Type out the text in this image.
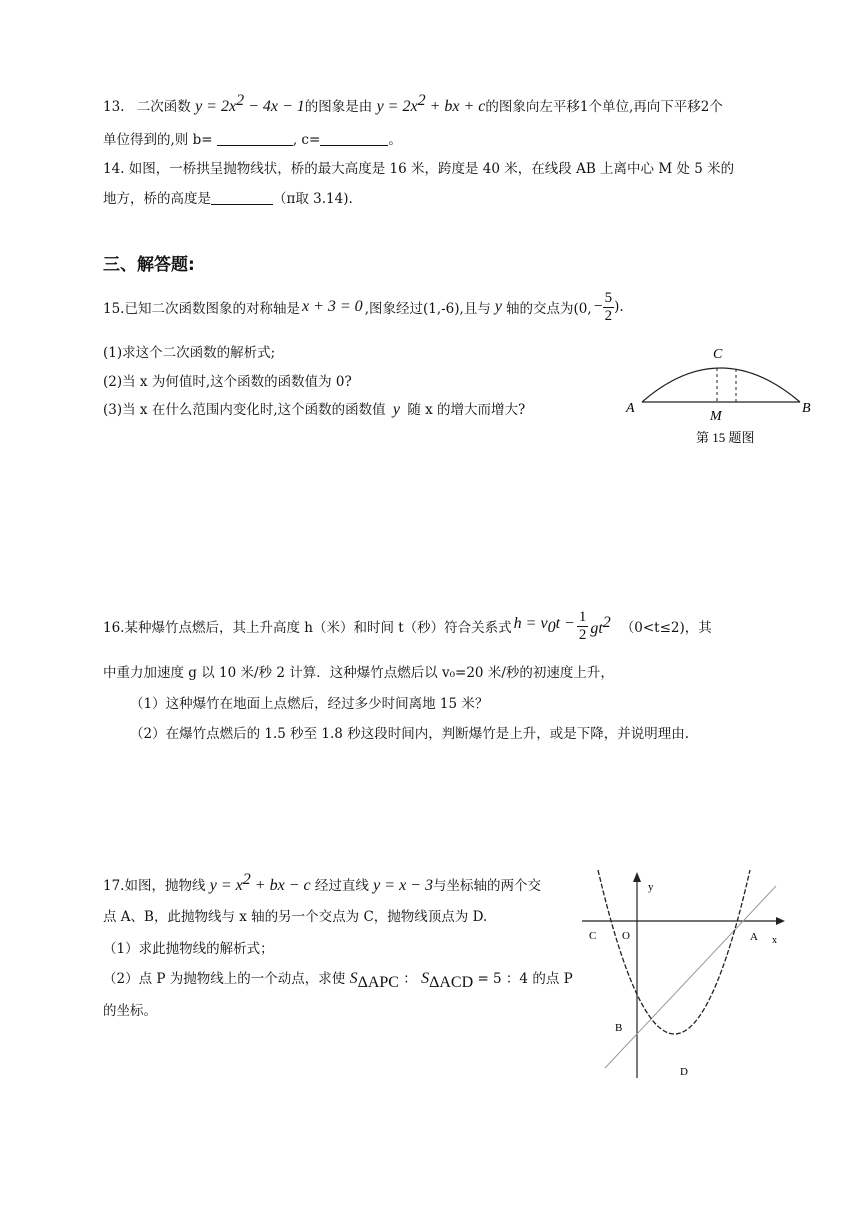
13. 二次函数 $y = 2x^2 - 4x - 1$的图象是由 $y = 2x^2$ + bx + c的图象向左平移1个单位,再向下平移2个
单位得到的,则 b=	, c=	。
14. 如图，一桥拱呈抛物线状，桥的最大高度是 16 米，跨度是 40 米，在线段 AB 上离中心 M 处 5 米的
地方，桥的高度是	（π取 3.14).
三、解答题:
15.已知二次函数图象的对称轴是 x + 3 = 0 ,图象经过(1,-6),且与 y 轴的交点为(0, − $\frac{5}{2}$ ).
(1)求这个二次函数的解析式;
(2)当 x 为何值时,这个函数的函数值为 0?
(3)当 x 在什么范围内变化时,这个函数的函数值 y 随 x 的增大而增大?
C
A
M
B
第 15 题图
16.某种爆竹点燃后，其上升高度 h（米）和时间 t（秒）符合关系式 $h = v_0t - \frac{1}{2} gt^2$ （0<t≤2)，其
中重力加速度 g 以 10 米/秒 2 计算．这种爆竹点燃后以 v₀=20 米/秒的初速度上升，
（1）这种爆竹在地面上点燃后，经过多少时间离地 15 米？
（2）在爆竹点燃后的 1.5 秒至 1.8 秒这段时间内，判断爆竹是上升，或是下降，并说明理由.
17.如图，抛物线 $y = x^2$ + bx − c 经过直线 y = x − 3与坐标轴的两个交
点 A、B，此抛物线与 x 轴的另一个交点为 C，抛物线顶点为 D.
（1）求此抛物线的解析式；
（2）点 P 为抛物线上的一个动点，求使 $S_{\Delta APC}$ ： $S_{\Delta ACD} = 5$ ：4 的点 P
的坐标。
y
C O	A x
B
D
